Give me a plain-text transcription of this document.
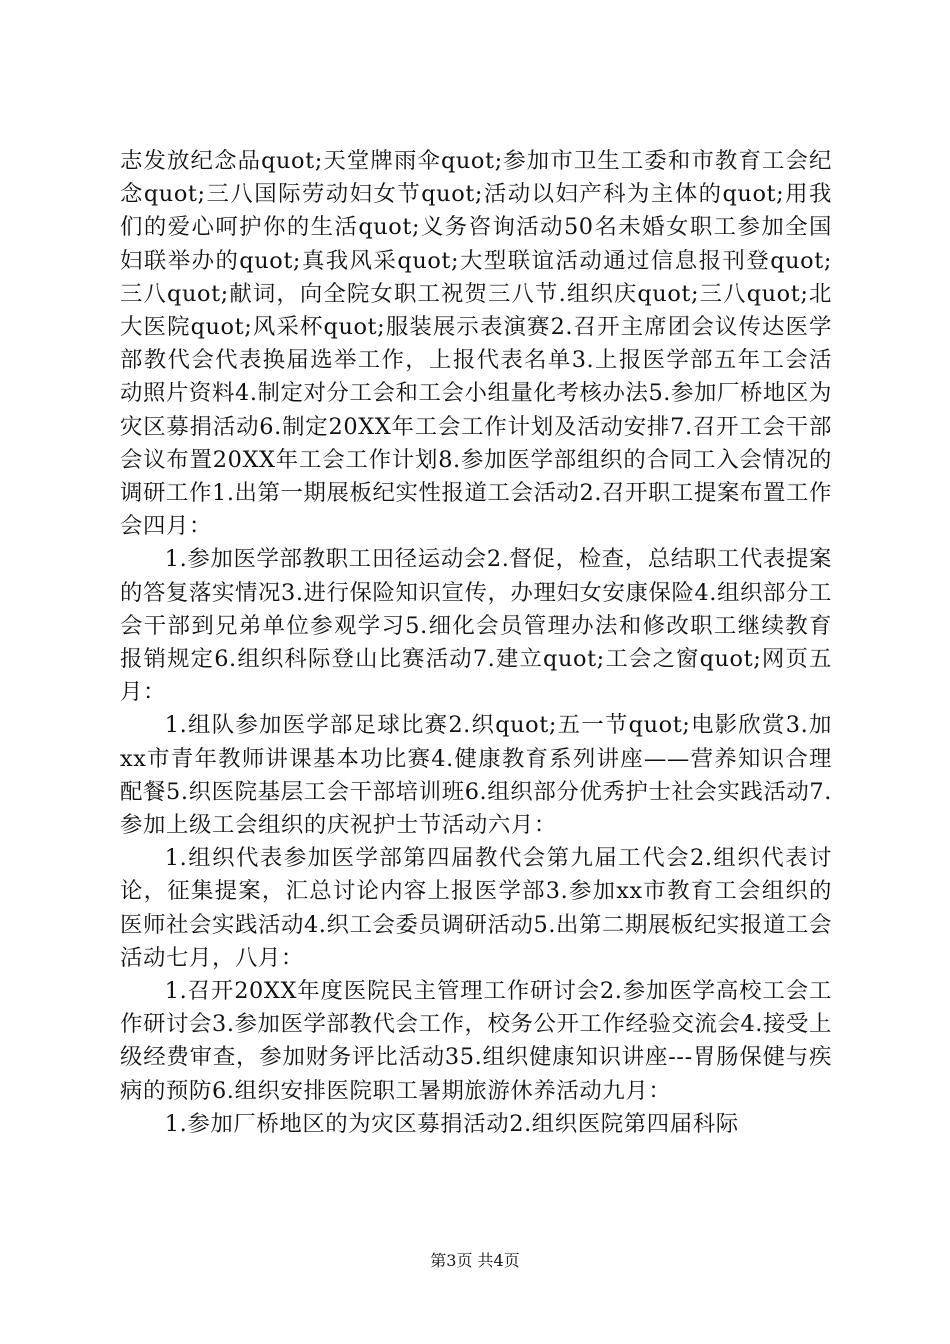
志发放纪念品quot;天堂牌雨伞quot;参加市卫生工委和市教育工会纪念quot;三八国际劳动妇女节quot;活动以妇产科为主体的quot;用我们的爱心呵护你的生活quot;义务咨询活动50名未婚女职工参加全国妇联举办的quot;真我风采quot;大型联谊活动通过信息报刊登quot;三八quot;献词，向全院女职工祝贺三八节.组织庆quot;三八quot;北大医院quot;风采杯quot;服装展示表演赛2.召开主席团会议传达医学部教代会代表换届选举工作，上报代表名单3.上报医学部五年工会活动照片资料4.制定对分工会和工会小组量化考核办法5.参加厂桥地区为灾区募捐活动6.制定20XX年工会工作计划及活动安排7.召开工会干部会议布置20XX年工会工作计划8.参加医学部组织的合同工入会情况的调研工作1.出第一期展板纪实性报道工会活动2.召开职工提案布置工作会四月：

1.参加医学部教职工田径运动会2.督促，检查，总结职工代表提案的答复落实情况3.进行保险知识宣传，办理妇女安康保险4.组织部分工会干部到兄弟单位参观学习5.细化会员管理办法和修改职工继续教育报销规定6.组织科际登山比赛活动7.建立quot;工会之窗quot;网页五月：

1.组队参加医学部足球比赛2.织quot;五一节quot;电影欣赏3.加xx市青年教师讲课基本功比赛4.健康教育系列讲座——营养知识合理配餐5.织医院基层工会干部培训班6.组织部分优秀护士社会实践活动7.参加上级工会组织的庆祝护士节活动六月：

1.组织代表参加医学部第四届教代会第九届工代会2.组织代表讨论，征集提案，汇总讨论内容上报医学部3.参加xx市教育工会组织的医师社会实践活动4.织工会委员调研活动5.出第二期展板纪实报道工会活动七月，八月：

1.召开20XX年度医院民主管理工作研讨会2.参加医学高校工会工作研讨会3.参加医学部教代会工作，校务公开工作经验交流会4.接受上级经费审查，参加财务评比活动35.组织健康知识讲座---胃肠保健与疾病的预防6.组织安排医院职工暑期旅游休养活动九月：

1.参加厂桥地区的为灾区募捐活动2.组织医院第四届科际

第3页 共4页
